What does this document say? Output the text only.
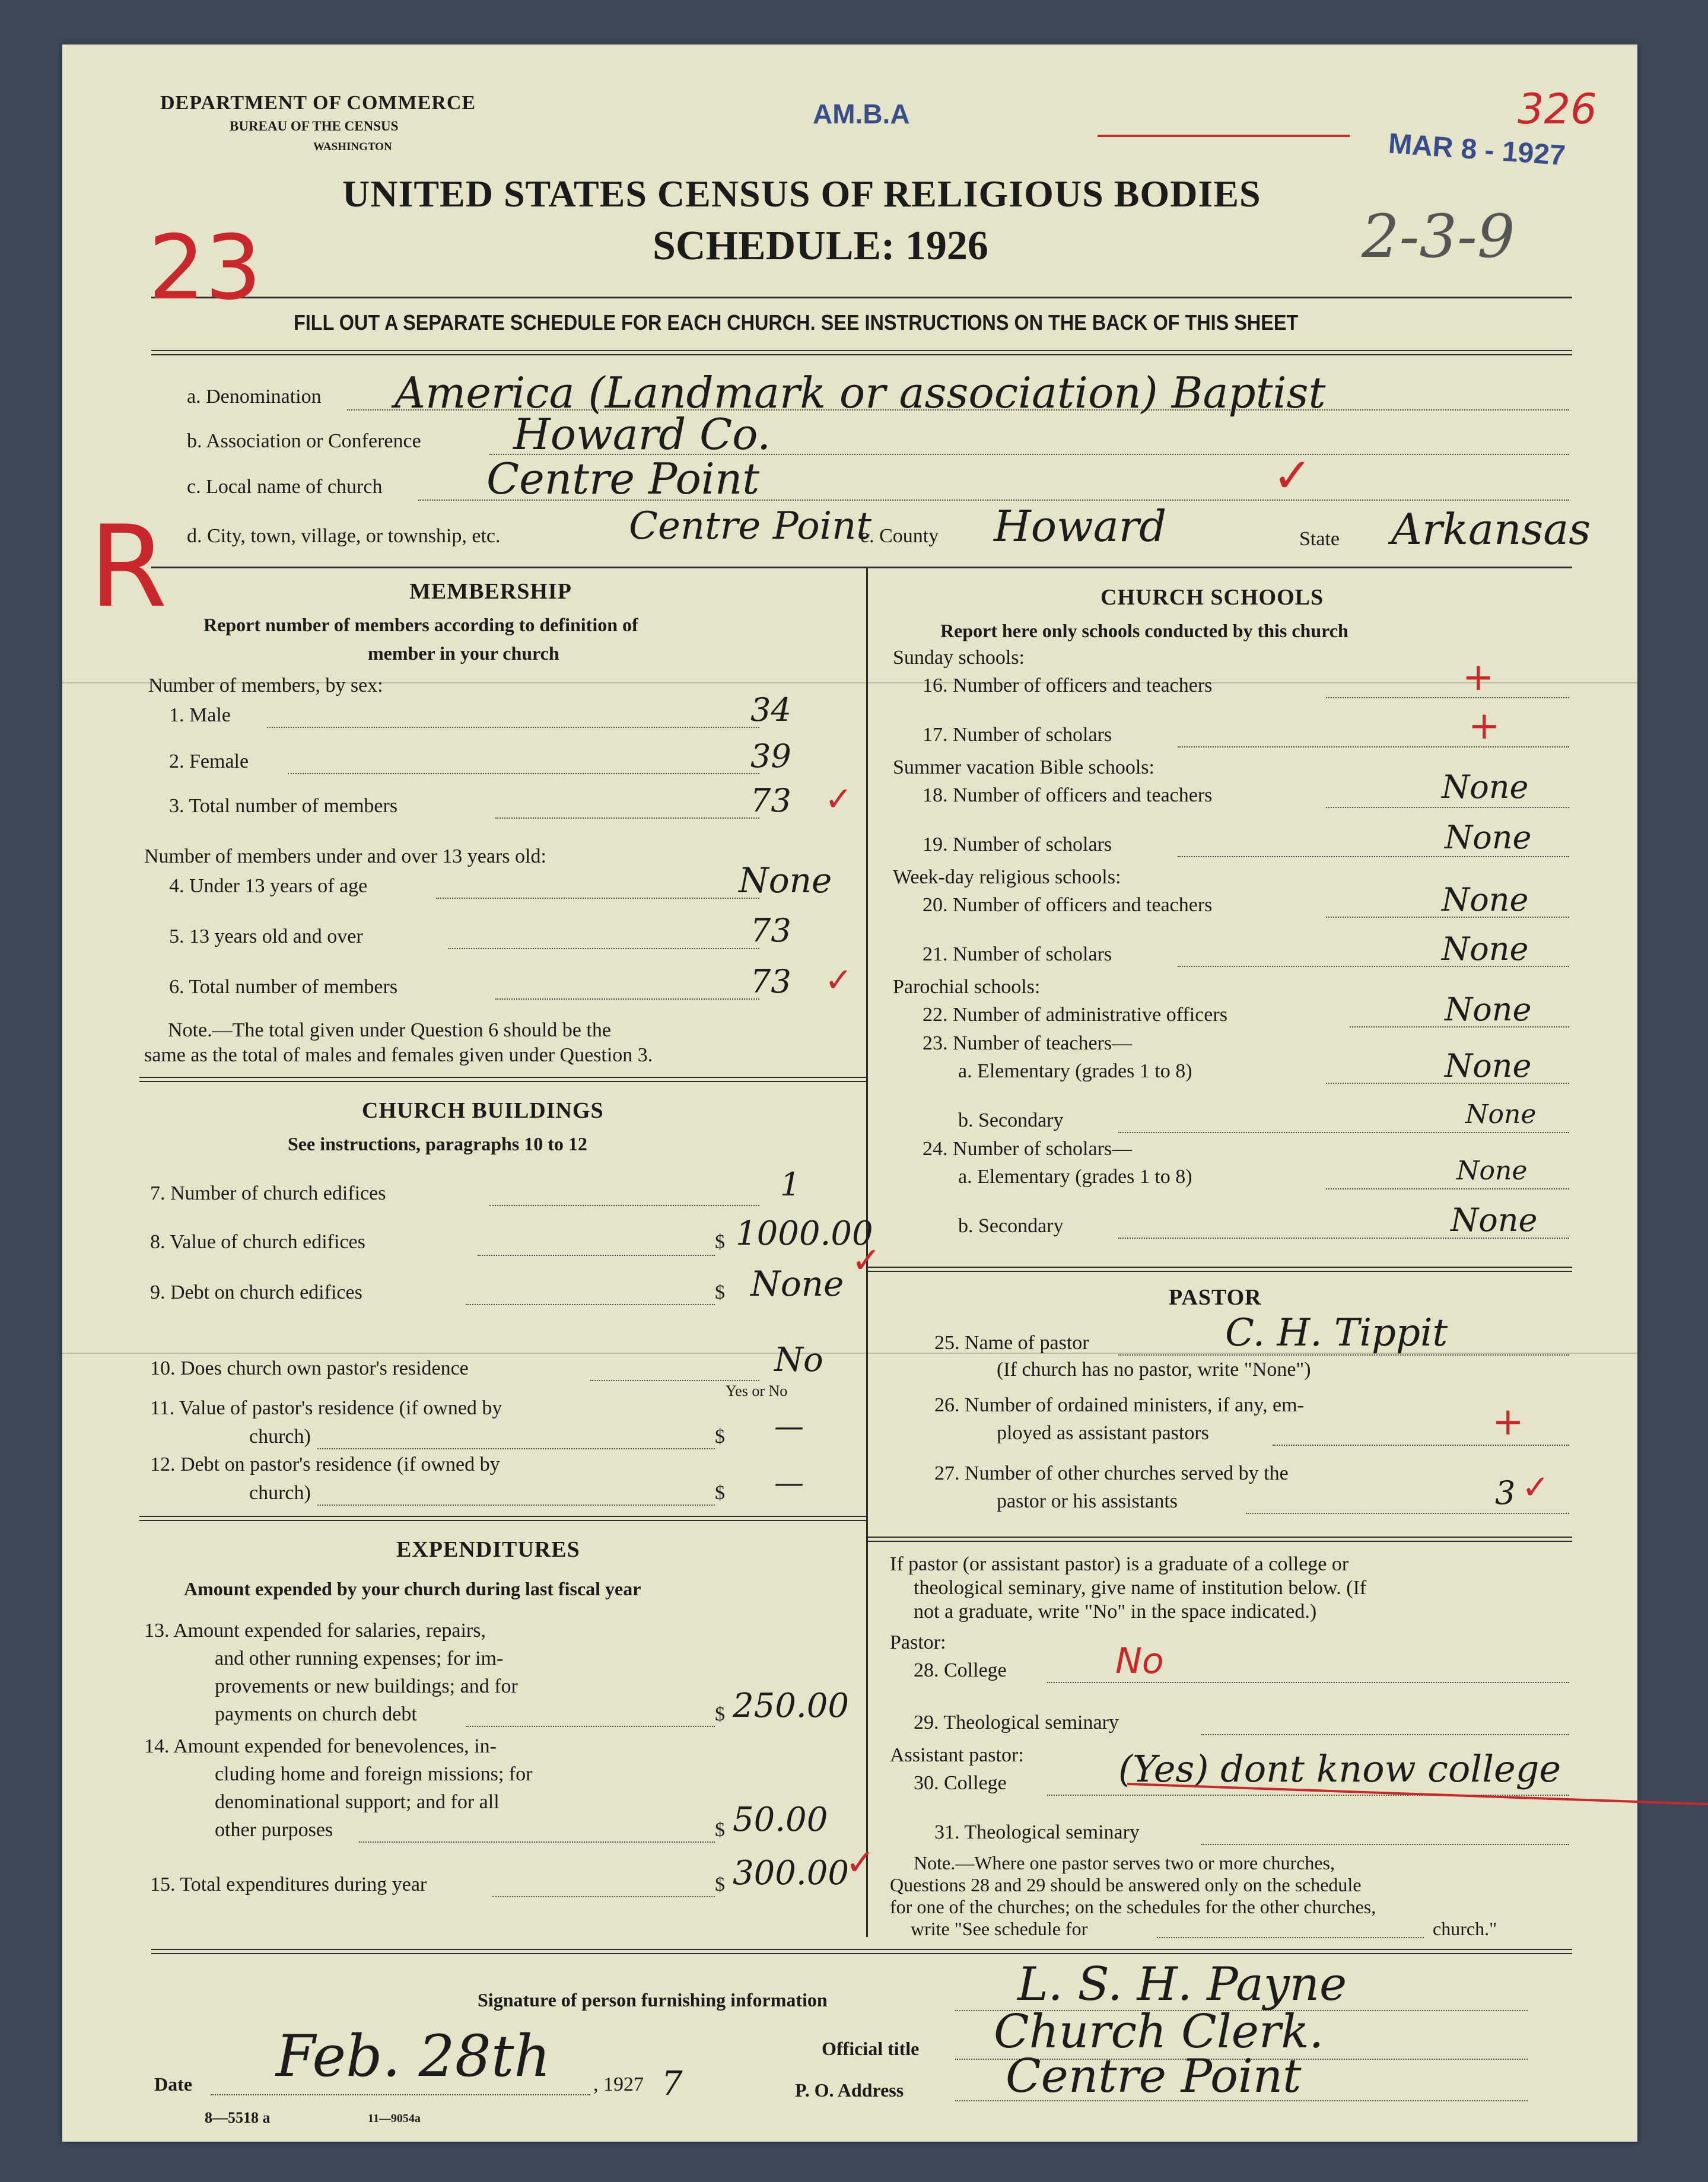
DEPARTMENT OF COMMERCE
BUREAU OF THE CENSUS
WASHINGTON
AM.B.A
UNITED STATES CENSUS OF RELIGIOUS BODIES
SCHEDULE: 1926
FILL OUT A SEPARATE SCHEDULE FOR EACH CHURCH. SEE INSTRUCTIONS ON THE BACK OF THIS SHEET
326
MAR 8 - 1927
2-3-9
23
R
a. Denomination America (Landmark or association) Baptist
b. Association or Conference Howard Co.
c. Local name of church Centre Point
d. City, town, village, or township, etc.	Centre Point
e. County Howard	State Arkansas
✓
MEMBERSHIP
Report number of members according to definition of
member in your church
Number of members, by sex:
1. Male	34
2. Female	39
3. Total number of members	73 ✓
Number of members under and over 13 years old:
4. Under 13 years of age	None
5. 13 years old and over	73
6. Total number of members	73 ✓
Note.—The total given under Question 6 should be the
same as the total of males and females given under Question 3.
CHURCH BUILDINGS
See instructions, paragraphs 10 to 12
7. Number of church edifices	1
8. Value of church edifices	$ 1000.00
9. Debt on church edifices	$ None
10. Does church own pastor's residence	No
Yes or No
11. Value of pastor's residence (if owned by
church)	$ —
12. Debt on pastor's residence (if owned by
church)	$ —
EXPENDITURES
Amount expended by your church during last fiscal year
13. Amount expended for salaries, repairs,
and other running expenses; for im-
provements or new buildings; and for
payments on church debt	$ 250.00
14. Amount expended for benevolences, in-
cluding home and foreign missions; for
denominational support; and for all
other purposes	$ 50.00
15. Total expenditures during year	$ 300.00
CHURCH SCHOOLS
Report here only schools conducted by this church
Sunday schools:
16. Number of officers and teachers	+
17. Number of scholars	+
Summer vacation Bible schools:
18. Number of officers and teachers	None
19. Number of scholars	None
Week-day religious schools:
20. Number of officers and teachers	None
21. Number of scholars	None
Parochial schools:
22. Number of administrative officers	None
23. Number of teachers—
a. Elementary (grades 1 to 8)	None
b. Secondary	None
24. Number of scholars—
a. Elementary (grades 1 to 8)	None
b. Secondary	None
PASTOR
25. Name of pastor	C. H. Tippit
(If church has no pastor, write "None")
26. Number of ordained ministers, if any, em-
ployed as assistant pastors	+
27. Number of other churches served by the
pastor or his assistants	3 ✓
If pastor (or assistant pastor) is a graduate of a college or
theological seminary, give name of institution below. (If
not a graduate, write "No" in the space indicated.)
Pastor:
28. College	No
29. Theological seminary
Assistant pastor:
30. College	(Yes) dont know college
31. Theological seminary
Note.—Where one pastor serves two or more churches,
Questions 28 and 29 should be answered only on the schedule
for one of the churches; on the schedules for the other churches,
write "See schedule for	church."
Signature of person furnishing information	L. S. H. Payne
Official title Church Clerk.
Date Feb. 28th , 1927 7	P. O. Address Centre Point
8—5518 a	11—9054a
✓
✓
